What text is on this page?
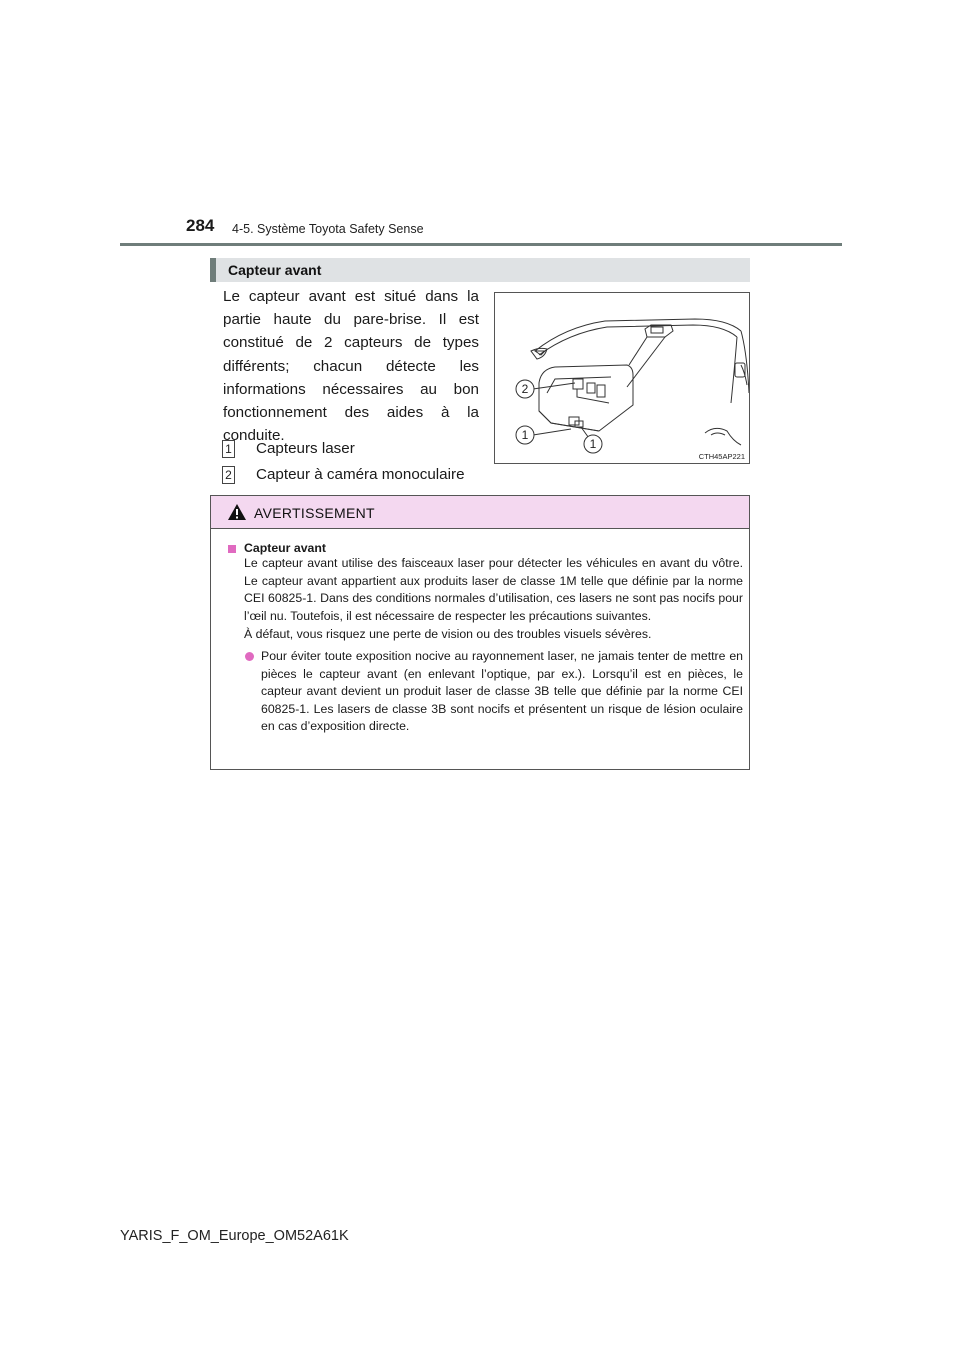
284 4-5. Système Toyota Safety Sense
Capteur avant
Le capteur avant est situé dans la partie haute du pare-brise. Il est constitué de 2 capteurs de types différents; chacun détecte les informations nécessaires au bon fonctionnement des aides à la conduite.
1 Capteurs laser
2 Capteur à caméra monoculaire
2
1
1
CTH45AP221
AVERTISSEMENT
Capteur avant
Le capteur avant utilise des faisceaux laser pour détecter les véhicules en avant du vôtre. Le capteur avant appartient aux produits laser de classe 1M telle que définie par la norme CEI 60825-1. Dans des conditions normales d’utilisation, ces lasers ne sont pas nocifs pour l’œil nu. Toutefois, il est nécessaire de respecter les précautions suivantes.
À défaut, vous risquez une perte de vision ou des troubles visuels sévères.
Pour éviter toute exposition nocive au rayonnement laser, ne jamais tenter de mettre en pièces le capteur avant (en enlevant l’optique, par ex.). Lorsqu’il est en pièces, le capteur avant devient un produit laser de classe 3B telle que définie par la norme CEI 60825-1. Les lasers de classe 3B sont nocifs et présentent un risque de lésion oculaire en cas d’exposition directe.
YARIS_F_OM_Europe_OM52A61K
